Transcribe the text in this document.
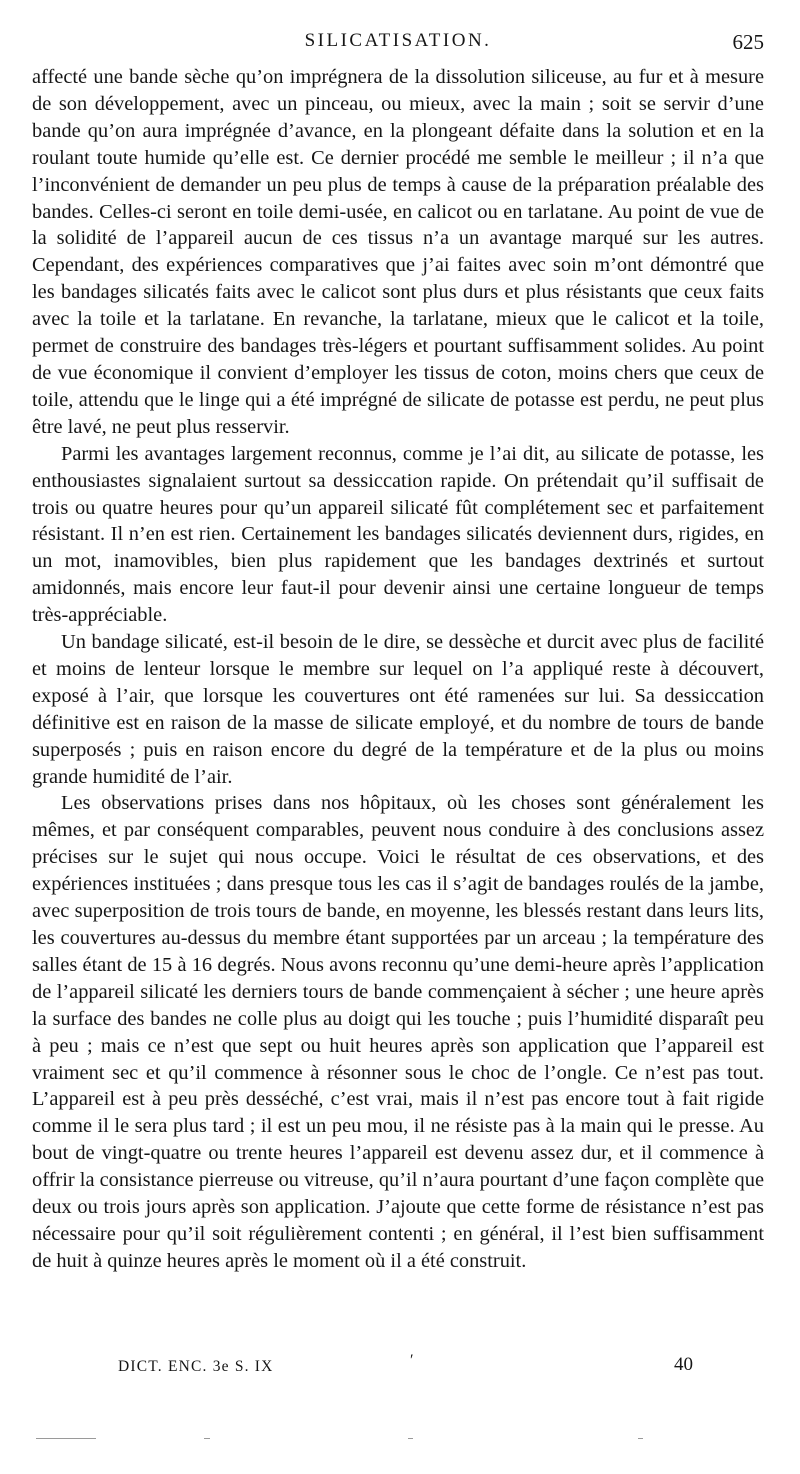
SILICATISATION.	625

affecté une bande sèche qu’on imprégnera de la dissolution siliceuse, au fur et à mesure de son développement, avec un pinceau, ou mieux, avec la main ; soit se servir d’une bande qu’on aura imprégnée d’avance, en la plongeant défaite dans la solution et en la roulant toute humide qu’elle est. Ce dernier procédé me semble le meilleur ; il n’a que l’inconvénient de demander un peu plus de temps à cause de la préparation préalable des bandes. Celles-ci seront en toile demi-usée, en calicot ou en tarlatane. Au point de vue de la solidité de l’appareil aucun de ces tissus n’a un avantage marqué sur les autres. Cependant, des expériences comparatives que j’ai faites avec soin m’ont démontré que les bandages silicatés faits avec le calicot sont plus durs et plus résistants que ceux faits avec la toile et la tarlatane. En revanche, la tarlatane, mieux que le calicot et la toile, permet de construire des bandages très-légers et pourtant suffisamment solides. Au point de vue économique il convient d’employer les tissus de coton, moins chers que ceux de toile, attendu que le linge qui a été imprégné de silicate de potasse est perdu, ne peut plus être lavé, ne peut plus resservir.

Parmi les avantages largement reconnus, comme je l’ai dit, au silicate de potasse, les enthousiastes signalaient surtout sa dessiccation rapide. On prétendait qu’il suffisait de trois ou quatre heures pour qu’un appareil silicaté fût complétement sec et parfaitement résistant. Il n’en est rien. Certainement les bandages silicatés deviennent durs, rigides, en un mot, inamovibles, bien plus rapidement que les bandages dextrinés et surtout amidonnés, mais encore leur faut-il pour devenir ainsi une certaine longueur de temps très-appréciable.

Un bandage silicaté, est-il besoin de le dire, se dessèche et durcit avec plus de facilité et moins de lenteur lorsque le membre sur lequel on l’a appliqué reste à découvert, exposé à l’air, que lorsque les couvertures ont été ramenées sur lui. Sa dessiccation définitive est en raison de la masse de silicate employé, et du nombre de tours de bande superposés ; puis en raison encore du degré de la température et de la plus ou moins grande humidité de l’air.

Les observations prises dans nos hôpitaux, où les choses sont généralement les mêmes, et par conséquent comparables, peuvent nous conduire à des conclusions assez précises sur le sujet qui nous occupe. Voici le résultat de ces observations, et des expériences instituées ; dans presque tous les cas il s’agit de bandages roulés de la jambe, avec superposition de trois tours de bande, en moyenne, les blessés restant dans leurs lits, les couvertures au-dessus du membre étant supportées par un arceau ; la température des salles étant de 15 à 16 degrés. Nous avons reconnu qu’une demi-heure après l’application de l’appareil silicaté les derniers tours de bande commençaient à sécher ; une heure après la surface des bandes ne colle plus au doigt qui les touche ; puis l’humidité disparaît peu à peu ; mais ce n’est que sept ou huit heures après son application que l’appareil est vraiment sec et qu’il commence à résonner sous le choc de l’ongle. Ce n’est pas tout. L’appareil est à peu près desséché, c’est vrai, mais il n’est pas encore tout à fait rigide comme il le sera plus tard ; il est un peu mou, il ne résiste pas à la main qui le presse. Au bout de vingt-quatre ou trente heures l’appareil est devenu assez dur, et il commence à offrir la consistance pierreuse ou vitreuse, qu’il n’aura pourtant d’une façon complète que deux ou trois jours après son application. J’ajoute que cette forme de résistance n’est pas nécessaire pour qu’il soit régulièrement contenti ; en général, il l’est bien suffisamment de huit à quinze heures après le moment où il a été construit.

DICT. ENC. 3e S. IX	′	40
